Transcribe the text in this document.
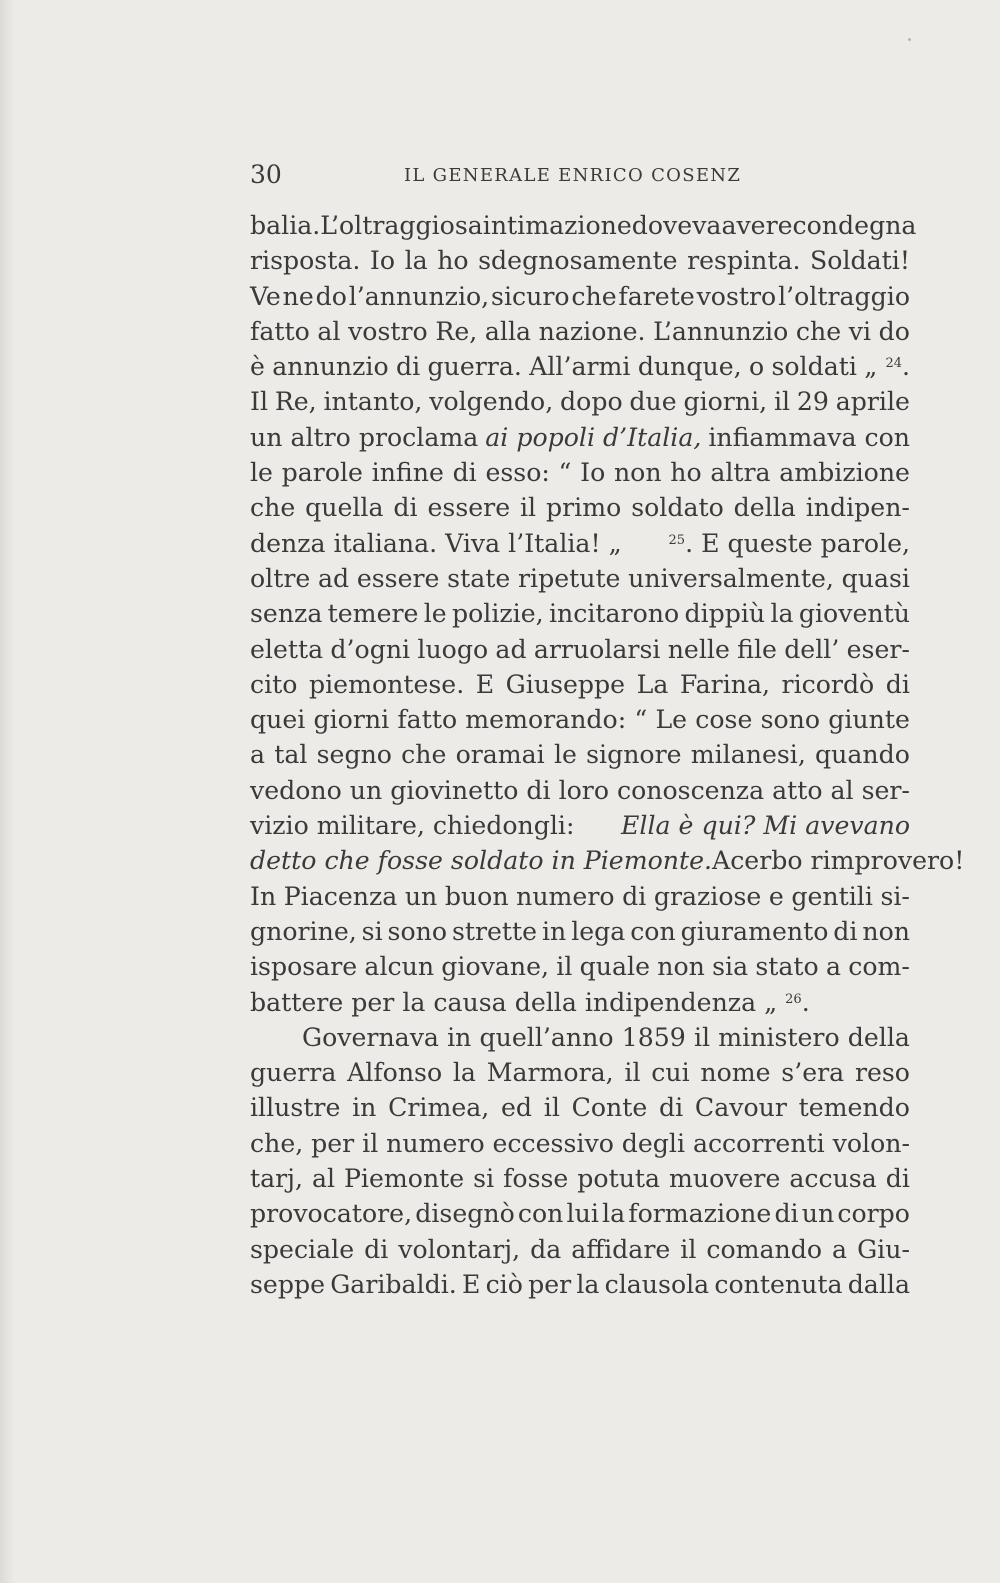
30	IL GENERALE ENRICO COSENZ
balia. L’oltraggiosa intimazione doveva avere condegna
risposta. Io la ho sdegnosamente respinta. Soldati!
Ve ne do l’annunzio, sicuro che farete vostro l’oltraggio
fatto al vostro Re, alla nazione. L’annunzio che vi do
è annunzio di guerra. All’armi dunque, o soldati „ $^{24}$.
Il Re, intanto, volgendo, dopo due giorni, il 29 aprile
un altro proclama ai popoli d’Italia, infiammava con
le parole infine di esso: “ Io non ho altra ambizione
che quella di essere il primo soldato della indipen-
denza italiana. Viva l’Italia! „	$^{25}$. E queste parole,
oltre ad essere state ripetute universalmente, quasi
senza temere le polizie, incitarono dippiù la gioventù
eletta d’ogni luogo ad arruolarsi nelle file dell’ eser-
cito piemontese. E Giuseppe La Farina, ricordò di
quei giorni fatto memorando: “ Le cose sono giunte
a tal segno che oramai le signore milanesi, quando
vedono un giovinetto di loro conoscenza atto al ser-
vizio militare, chiedongli: Ella è qui? Mi avevano
detto che fosse soldato in Piemonte. Acerbo rimprovero!
In Piacenza un buon numero di graziose e gentili si-
gnorine, si sono strette in lega con giuramento di non
isposare alcun giovane, il quale non sia stato a com-
battere per la causa della indipendenza „ $^{26}$.
Governava in quell’anno 1859 il ministero della
guerra Alfonso la Marmora, il cui nome s’era reso
illustre in Crimea, ed il Conte di Cavour temendo
che, per il numero eccessivo degli accorrenti volon-
tarj, al Piemonte si fosse potuta muovere accusa di
provocatore, disegnò con lui la formazione di un corpo
speciale di volontarj, da affidare il comando a Giu-
seppe Garibaldi. E ciò per la clausola contenuta dalla
